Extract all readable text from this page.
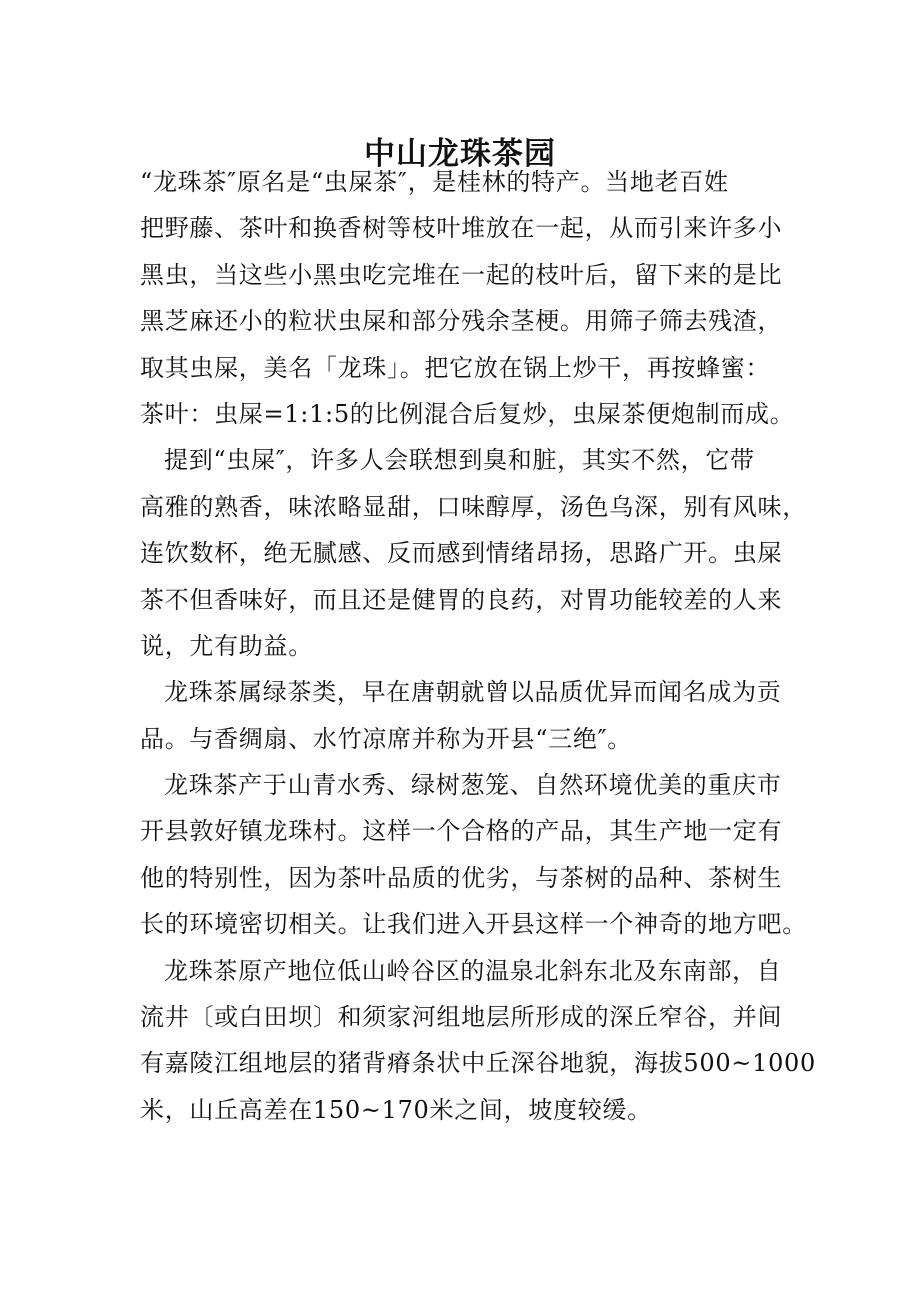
中山龙珠茶园
“龙珠茶″原名是“虫屎茶″，是桂林的特产。当地老百姓
把野藤、茶叶和换香树等枝叶堆放在一起，从而引来许多小
黑虫，当这些小黑虫吃完堆在一起的枝叶后，留下来的是比
黑芝麻还小的粒状虫屎和部分残余茎梗。用筛子筛去残渣，
取其虫屎，美名「龙珠」。把它放在锅上炒干，再按蜂蜜：
茶叶：虫屎=1:1:5的比例混合后复炒，虫屎茶便炮制而成。
提到“虫屎″，许多人会联想到臭和脏，其实不然，它带
高雅的熟香，味浓略显甜，口味醇厚，汤色乌深，别有风味，
连饮数杯，绝无腻感、反而感到情绪昂扬，思路广开。虫屎
茶不但香味好，而且还是健胃的良药，对胃功能较差的人来
说，尤有助益。
龙珠茶属绿茶类，早在唐朝就曾以品质优异而闻名成为贡
品。与香绸扇、水竹凉席并称为开县“三绝″。
龙珠茶产于山青水秀、绿树葱笼、自然环境优美的重庆市
开县敦好镇龙珠村。这样一个合格的产品，其生产地一定有
他的特别性，因为茶叶品质的优劣，与茶树的品种、茶树生
长的环境密切相关。让我们进入开县这样一个神奇的地方吧。
龙珠茶原产地位低山岭谷区的温泉北斜东北及东南部，自
流井〔或白田坝〕和须家河组地层所形成的深丘窄谷，并间
有嘉陵江组地层的猪背瘠条状中丘深谷地貌，海拔500~1000
米，山丘高差在150~170米之间，坡度较缓。
